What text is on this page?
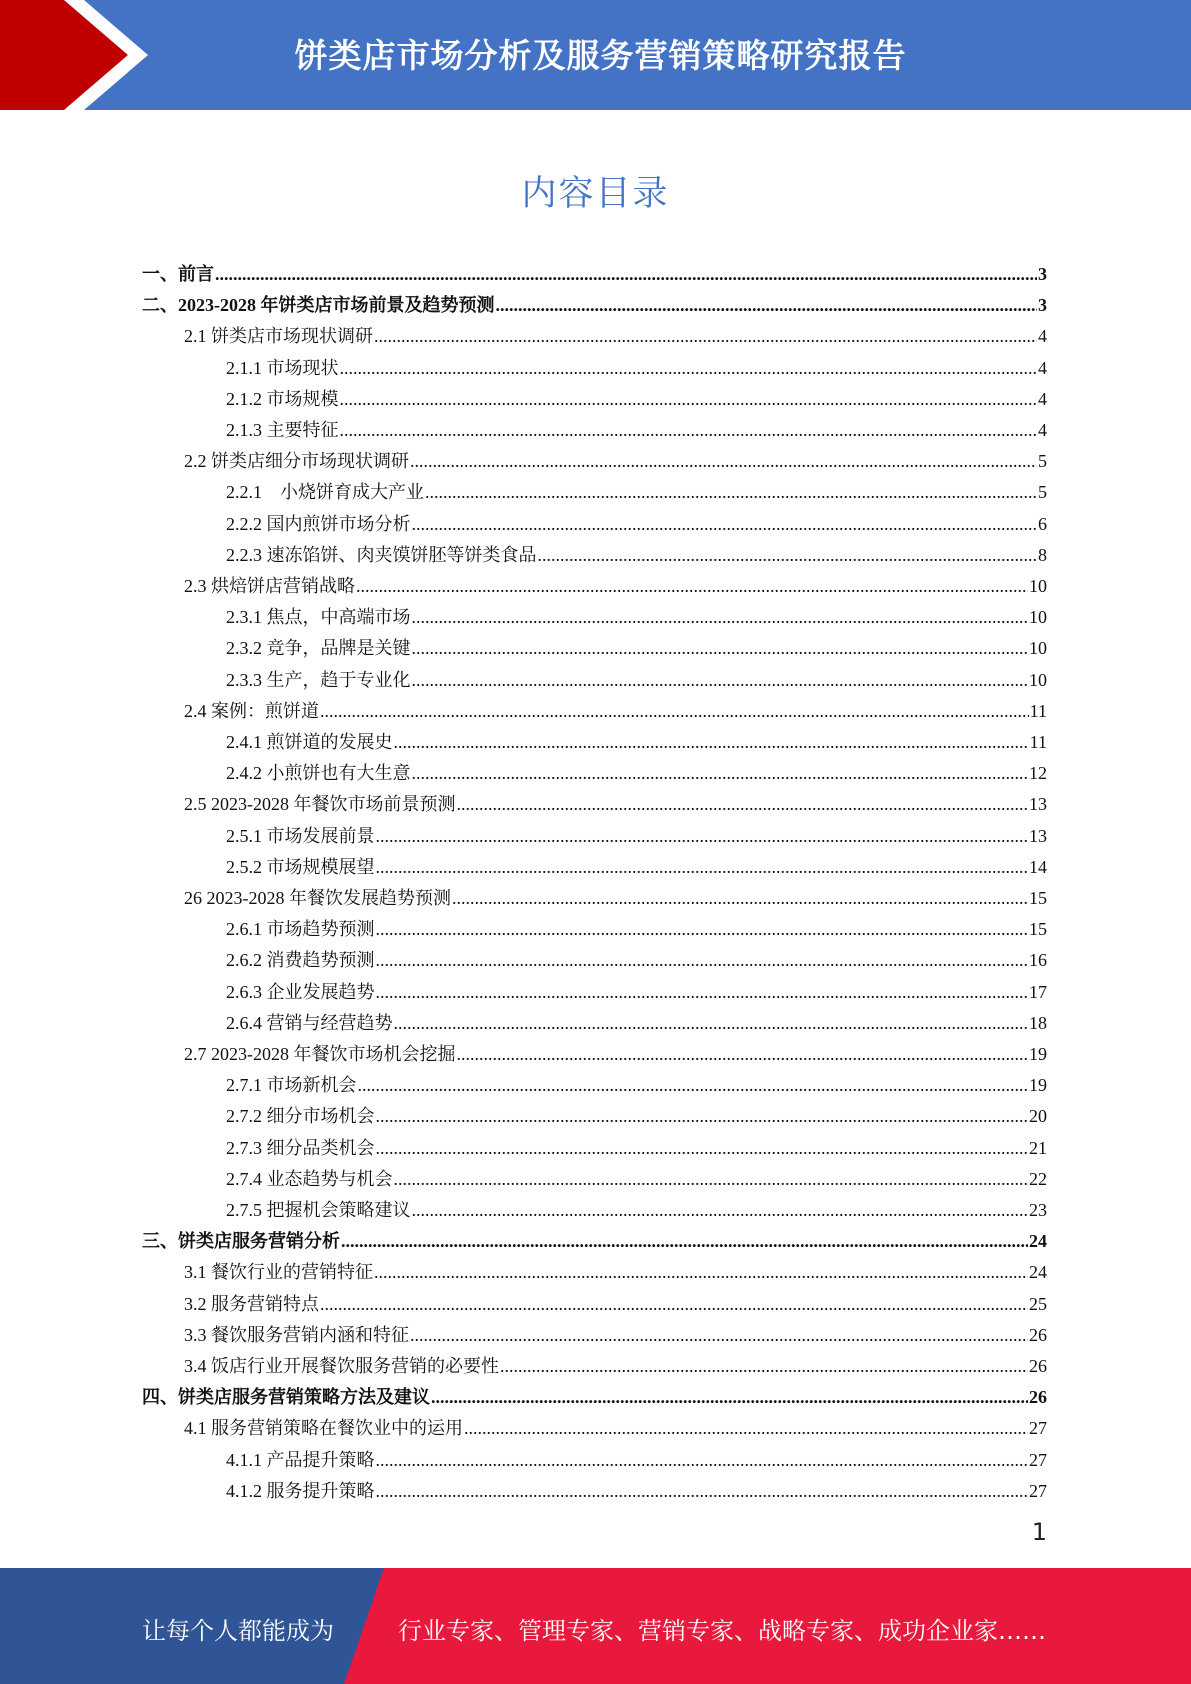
饼类店市场分析及服务营销策略研究报告
内容目录
一、前言 .....	3
二、2023-2028 年饼类店市场前景及趋势预测 .....	3
2.1 饼类店市场现状调研 .....	4
2.1.1 市场现状 .....	4
2.1.2 市场规模 .....	4
2.1.3 主要特征 .....	4
2.2 饼类店细分市场现状调研 .....	5
2.2.1　小烧饼育成大产业 .....	5
2.2.2 国内煎饼市场分析 .....	6
2.2.3 速冻馅饼、肉夹馍饼胚等饼类食品 .....	8
2.3 烘焙饼店营销战略 .....	10
2.3.1 焦点，中高端市场 .....	10
2.3.2 竞争，品牌是关键 .....	10
2.3.3 生产，趋于专业化 .....	10
2.4 案例：煎饼道 .....	11
2.4.1 煎饼道的发展史 .....	11
2.4.2 小煎饼也有大生意 .....	12
2.5 2023-2028 年餐饮市场前景预测 .....	13
2.5.1 市场发展前景 .....	13
2.5.2 市场规模展望 .....	14
26 2023-2028 年餐饮发展趋势预测 .....	15
2.6.1 市场趋势预测 .....	15
2.6.2 消费趋势预测 .....	16
2.6.3 企业发展趋势 .....	17
2.6.4 营销与经营趋势 .....	18
2.7 2023-2028 年餐饮市场机会挖掘 .....	19
2.7.1 市场新机会 .....	19
2.7.2 细分市场机会 .....	20
2.7.3 细分品类机会 .....	21
2.7.4 业态趋势与机会 .....	22
2.7.5 把握机会策略建议 .....	23
三、饼类店服务营销分析 .....	24
3.1 餐饮行业的营销特征 .....	24
3.2 服务营销特点 .....	25
3.3 餐饮服务营销内涵和特征 .....	26
3.4 饭店行业开展餐饮服务营销的必要性 .....	26
四、饼类店服务营销策略方法及建议 .....	26
4.1 服务营销策略在餐饮业中的运用 .....	27
4.1.1 产品提升策略 .....	27
4.1.2 服务提升策略 .....	27
1
让每个人都能成为	行业专家、管理专家、营销专家、战略专家、成功企业家……
